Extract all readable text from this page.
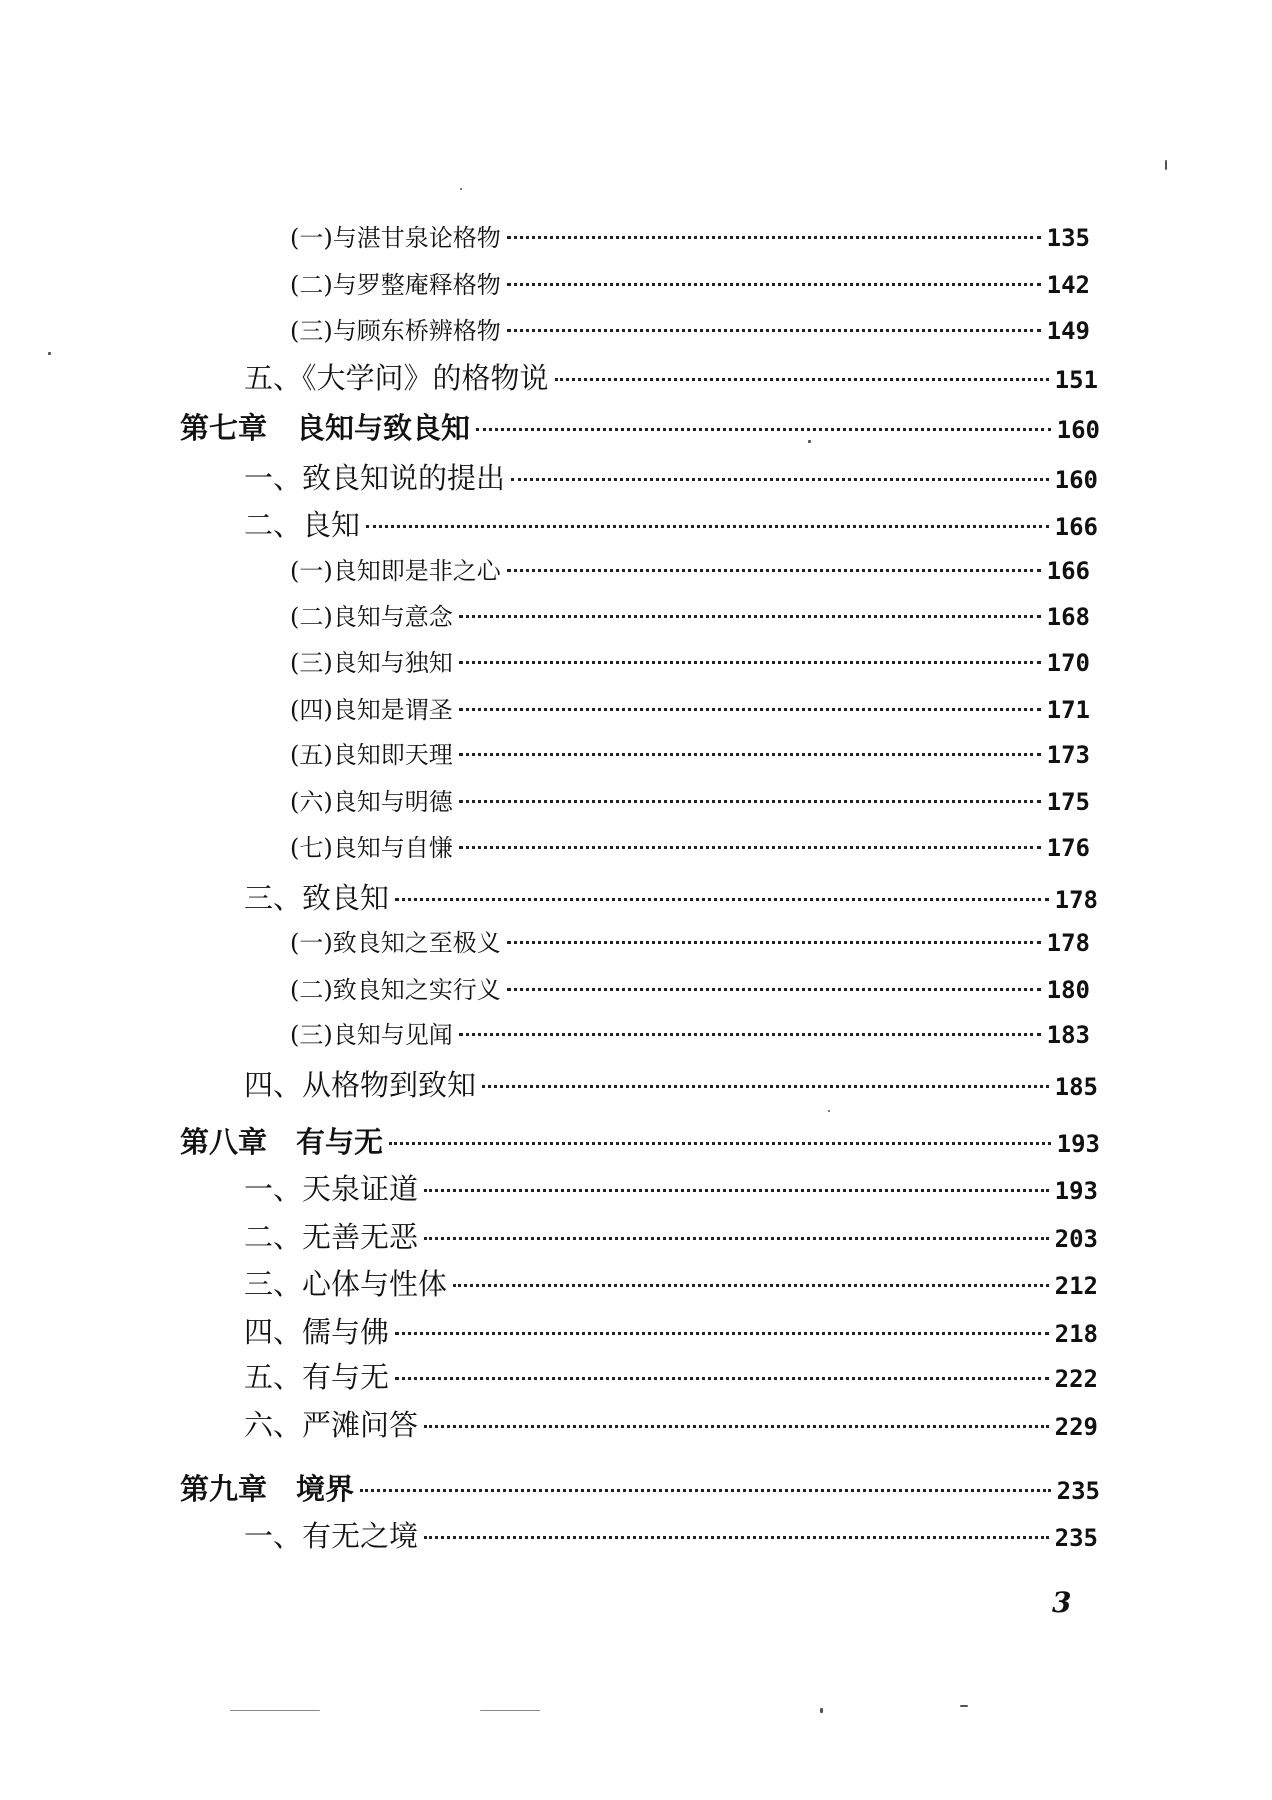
(一)与湛甘泉论格物	135
(二)与罗整庵释格物	142
(三)与顾东桥辨格物	149
五、《大学问》的格物说	151
第七章　良知与致良知	160
一、致良知说的提出	160
二、良知	166
(一)良知即是非之心	166
(二)良知与意念	168
(三)良知与独知	170
(四)良知是谓圣	171
(五)良知即天理	173
(六)良知与明德	175
(七)良知与自慊	176
三、致良知	178
(一)致良知之至极义	178
(二)致良知之实行义	180
(三)良知与见闻	183
四、从格物到致知	185
第八章　有与无	193
一、天泉证道	193
二、无善无恶	203
三、心体与性体	212
四、儒与佛	218
五、有与无	222
六、严滩问答	229
第九章　境界	235
一、有无之境	235
3
